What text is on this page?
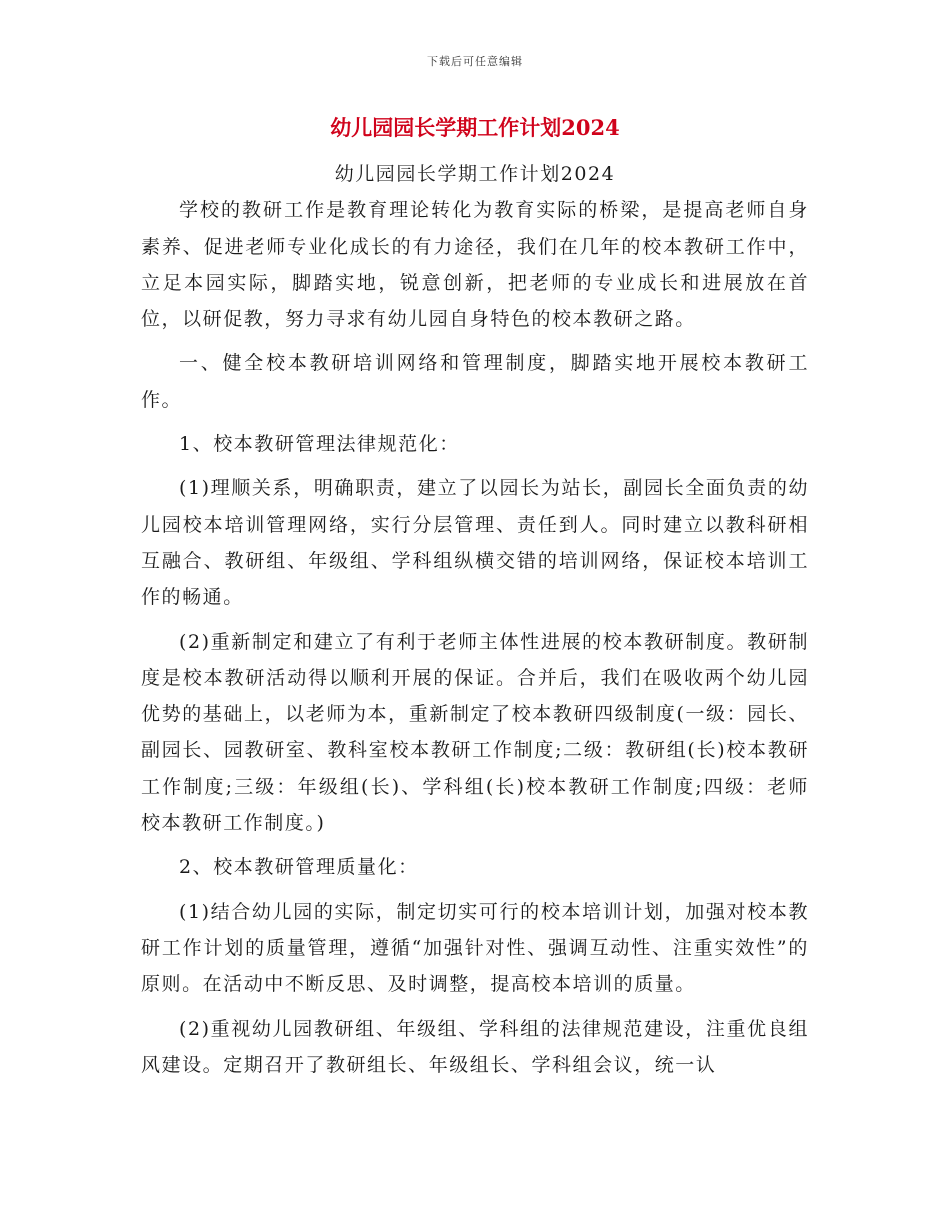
下载后可任意编辑
幼儿园园长学期工作计划2024

幼儿园园长学期工作计划2024

学校的教研工作是教育理论转化为教育实际的桥梁，是提高老师自身素养、促进老师专业化成长的有力途径，我们在几年的校本教研工作中，立足本园实际，脚踏实地，锐意创新，把老师的专业成长和进展放在首位，以研促教，努力寻求有幼儿园自身特色的校本教研之路。

一、健全校本教研培训网络和管理制度，脚踏实地开展校本教研工作。

1、校本教研管理法律规范化：

(1)理顺关系，明确职责，建立了以园长为站长，副园长全面负责的幼儿园校本培训管理网络，实行分层管理、责任到人。同时建立以教科研相互融合、教研组、年级组、学科组纵横交错的培训网络，保证校本培训工作的畅通。

(2)重新制定和建立了有利于老师主体性进展的校本教研制度。教研制度是校本教研活动得以顺利开展的保证。合并后，我们在吸收两个幼儿园优势的基础上，以老师为本，重新制定了校本教研四级制度(一级：园长、副园长、园教研室、教科室校本教研工作制度;二级：教研组(长)校本教研工作制度;三级：年级组(长)、学科组(长)校本教研工作制度;四级：老师校本教研工作制度。)

2、校本教研管理质量化：

(1)结合幼儿园的实际，制定切实可行的校本培训计划，加强对校本教研工作计划的质量管理，遵循“加强针对性、强调互动性、注重实效性”的原则。在活动中不断反思、及时调整，提高校本培训的质量。

(2)重视幼儿园教研组、年级组、学科组的法律规范建设，注重优良组风建设。定期召开了教研组长、年级组长、学科组会议，统一认
